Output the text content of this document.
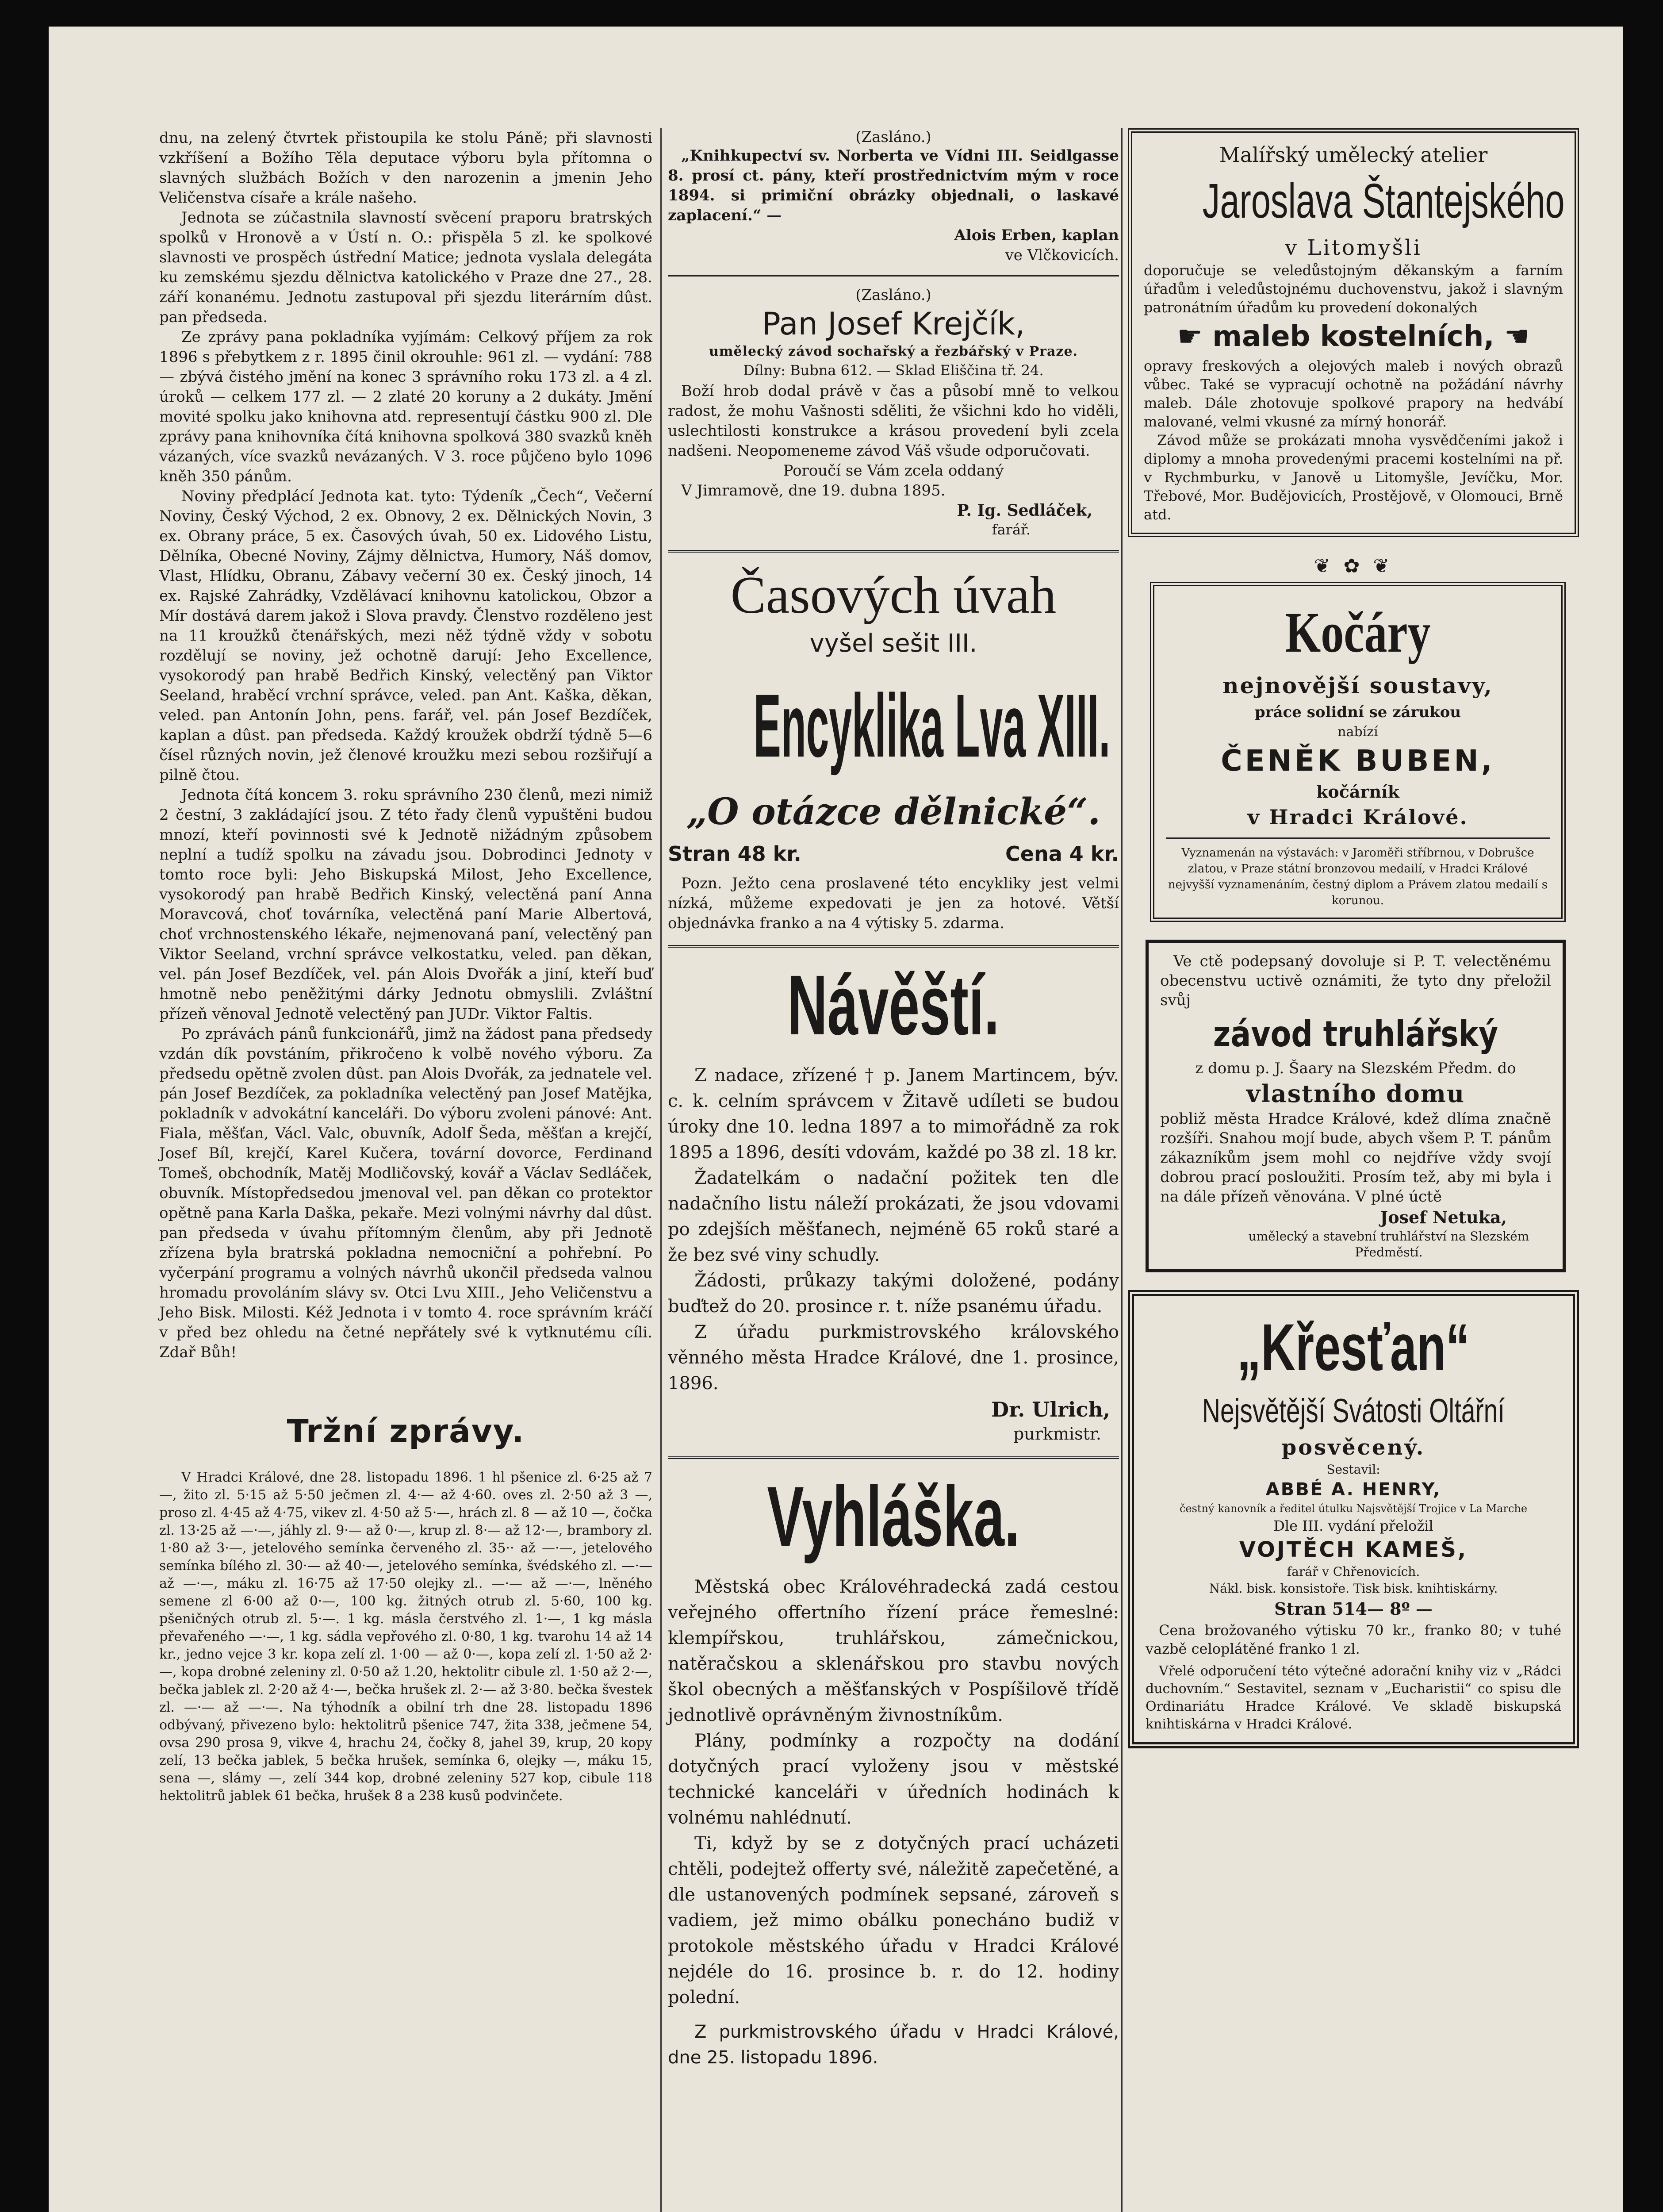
dnu, na zelený čtvrtek přistoupila ke stolu Páně; při slavnosti vzkříšení a Božího Těla deputace výboru byla přítomna o slavných službách Božích v den narozenin a jmenin Jeho Veličenstva císaře a krále našeho.

Jednota se zúčastnila slavností svěcení praporu bratrských spolků v Hronově a v Ústí n. O.: přispěla 5 zl. ke spolkové slavnosti ve prospěch ústřední Matice; jednota vyslala delegáta ku zemskému sjezdu dělnictva katolického v Praze dne 27., 28. září konanému. Jednotu zastupoval při sjezdu literárním dûst. pan předseda.

Ze zprávy pana pokladníka vyjímám: Celkový příjem za rok 1896 s přebytkem z r. 1895 činil okrouhle: 961 zl. — vydání: 788 — zbývá čistého jmění na konec 3 správního roku 173 zl. a 4 zl. úroků — celkem 177 zl. — 2 zlaté 20 koruny a 2 dukáty. Jmění movité spolku jako knihovna atd. representují částku 900 zl. Dle zprávy pana knihovníka čítá knihovna spolková 380 svazků kněh vázaných, více svazků nevázaných. V 3. roce půjčeno bylo 1096 kněh 350 pánům.

Noviny předplácí Jednota kat. tyto: Týdeník „Čech“, Večerní Noviny, Český Východ, 2 ex. Obnovy, 2 ex. Dělnických Novin, 3 ex. Obrany práce, 5 ex. Časových úvah, 50 ex. Lidového Listu, Dělníka, Obecné Noviny, Zájmy dělnictva, Humory, Náš domov, Vlast, Hlídku, Obranu, Zábavy večerní 30 ex. Český jinoch, 14 ex. Rajské Zahrádky, Vzdělávací knihovnu katolickou, Obzor a Mír dostává darem jakož i Slova pravdy. Členstvo rozděleno jest na 11 kroužků čtenářských, mezi něž týdně vždy v sobotu rozdělují se noviny, jež ochotně darují: Jeho Excellence, vysokorodý pan hrabě Bedřich Kinský, velectěný pan Viktor Seeland, hraběcí vrchní správce, veled. pan Ant. Kaška, děkan, veled. pan Antonín John, pens. farář, vel. pán Josef Bezdíček, kaplan a dûst. pan předseda. Každý kroužek obdrží týdně 5—6 čísel různých novin, jež členové kroužku mezi sebou rozšiřují a pilně čtou.

Jednota čítá koncem 3. roku správního 230 členů, mezi nimiž 2 čestní, 3 zakládající jsou. Z této řady členů vypuštěni budou mnozí, kteří povinnosti své k Jednotě nižádným způsobem neplní a tudíž spolku na závadu jsou. Dobrodinci Jednoty v tomto roce byli: Jeho Biskupská Milost, Jeho Excellence, vysokorodý pan hrabě Bedřich Kinský, velectěná paní Anna Moravcová, choť továrníka, velectěná paní Marie Albertová, choť vrchnostenského lékaře, nejmenovaná paní, velectěný pan Viktor Seeland, vrchní správce velkostatku, veled. pan děkan, vel. pán Josef Bezdíček, vel. pán Alois Dvořák a jiní, kteří buď hmotně nebo peněžitými dárky Jednotu obmyslili. Zvláštní přízeň věnoval Jednotě velectěný pan JUDr. Viktor Faltis.

Po zprávách pánů funkcionářů, jimž na žádost pana předsedy vzdán dík povstáním, přikročeno k volbě nového výboru. Za předsedu opětně zvolen dûst. pan Alois Dvořák, za jednatele vel. pán Josef Bezdíček, za pokladníka velectěný pan Josef Matějka, pokladník v advokátní kanceláři. Do výboru zvoleni pánové: Ant. Fiala, měšťan, Václ. Valc, obuvník, Adolf Šeda, měšťan a krejčí, Josef Bíl, krejčí, Karel Kučera, tovární dovorce, Ferdinand Tomeš, obchodník, Matěj Modličovský, kovář a Václav Sedláček, obuvník. Místopředsedou jmenoval vel. pan děkan co protektor opětně pana Karla Daška, pekaře. Mezi volnými návrhy dal dûst. pan předseda v úvahu přítomným členům, aby při Jednotě zřízena byla bratrská pokladna nemocniční a pohřební. Po vyčerpání programu a volných návrhů ukončil předseda valnou hromadu provoláním slávy sv. Otci Lvu XIII., Jeho Veličenstvu a Jeho Bisk. Milosti. Kéž Jednota i v tomto 4. roce správním kráčí v před bez ohledu na četné nepřátely své k vytknutému cíli. Zdař Bůh!

Tržní zprávy.

V Hradci Králové, dne 28. listopadu 1896. 1 hl pšenice zl. 6·25 až 7 —, žito zl. 5·15 až 5·50 ječmen zl. 4·— až 4·60. oves zl. 2·50 až 3 —, proso zl. 4·45 až 4·75, vikev zl. 4·50 až 5·—, hrách zl. 8 — až 10 —, čočka zl. 13·25 až —·—, jáhly zl. 9·— až 0·—, krup zl. 8·— až 12·—, brambory zl. 1·80 až 3·—, jetelového semínka červeného zl. 35·· až —·—, jetelového semínka bílého zl. 30·— až 40·—, jetelového semínka, švédského zl. —·— až —·—, máku zl. 16·75 až 17·50 olejky zl.. —·— až —·—, lněného semene zl 6·00 až 0·—, 100 kg. žitných otrub zl. 5·60, 100 kg. pšeničných otrub zl. 5·—. 1 kg. másla čerstvého zl. 1·—, 1 kg másla převařeného —·—, 1 kg. sádla vepřového zl. 0·80, 1 kg. tvarohu 14 až 14 kr., jedno vejce 3 kr. kopa zelí zl. 1·00 — až 0·—, kopa zelí zl. 1·50 až 2·—, kopa drobné zeleniny zl. 0·50 až 1.20, hektolitr cibule zl. 1·50 až 2·—, bečka jablek zl. 2·20 až 4·—, bečka hrušek zl. 2·— až 3·80. bečka švestek zl. —·— až —·—. Na týhodník a obilní trh dne 28. listopadu 1896 odbývaný, přivezeno bylo: hektolitrů pšenice 747, žita 338, ječmene 54, ovsa 290 prosa 9, vikve 4, hrachu 24, čočky 8, jahel 39, krup, 20 kopy zelí, 13 bečka jablek, 5 bečka hrušek, semínka 6, olejky —, máku 15, sena —, slámy —, zelí 344 kop, drobné zeleniny 527 kop, cibule 118 hektolitrů jablek 61 bečka, hrušek 8 a 238 kusů podvinčete.

(Zasláno.)

„Knihkupectví sv. Norberta ve Vídni III. Seidlgasse 8. prosí ct. pány, kteří prostřednictvím mým v roce 1894. si primiční obrázky objednali, o laskavé zaplacení.“ —

Alois Erben, kaplan
ve Vlčkovicích.
(Zasláno.)
Pan Josef Krejčík,
umělecký závod sochařský a řezbářský v Praze.
Dílny: Bubna 612. — Sklad Eliščina tř. 24.

Boží hrob dodal právě v čas a působí mně to velkou radost, že mohu Vašnosti sděliti, že všichni kdo ho viděli, uslechtilosti konstrukce a krásou provedení byli zcela nadšeni. Neopomeneme závod Váš všude odporučovati.

Poroučí se Vám zcela oddaný
V Jimramově, dne 19. dubna 1895.
P. Ig. Sedláček,
farář.
Časových úvah
vyšel sešit III.
Encyklika Lva XIII.
„O otázce dělnické“.
Stran 48 kr.	Cena 4 kr.

Pozn. Ježto cena proslavené této encykliky jest velmi nízká, můžeme expedovati je jen za hotové. Větší objednávka franko a na 4 výtisky 5. zdarma.

Návěští.

Z nadace, zřízené † p. Janem Martincem, býv. c. k. celním správcem v Žitavě udíleti se budou úroky dne 10. ledna 1897 a to mimořádně za rok 1895 a 1896, desíti vdovám, každé po 38 zl. 18 kr.

Žadatelkám o nadační požitek ten dle nadačního listu náleží prokázati, že jsou vdovami po zdejších měšťanech, nejméně 65 roků staré a že bez své viny schudly.

Žádosti, průkazy takými doložené, podány buďtež do 20. prosince r. t. níže psanému úřadu.

Z úřadu purkmistrovského královského věnného města Hradce Králové, dne 1. prosince, 1896.

Dr. Ulrich,
purkmistr.
Vyhláška.

Městská obec Královéhradecká zadá cestou veřejného offertního řízení práce řemeslné: klempířskou, truhlářskou, zámečnickou, natěračskou a sklenářskou pro stavbu nových škol obecných a měšťanských v Pospíšilově třídě jednotlivě oprávněným živnostníkům.

Plány, podmínky a rozpočty na dodání dotyčných prací vyloženy jsou v městské technické kanceláři v úředních hodinách k volnému nahlédnutí.

Ti, když by se z dotyčných prací ucházeti chtěli, podejtež offerty své, náležitě zapečetěné, a dle ustanovených podmínek sepsané, zároveň s vadiem, jež mimo obálku ponecháno budiž v protokole městského úřadu v Hradci Králové nejdéle do 16. prosince b. r. do 12. hodiny polední.

Z purkmistrovského úřadu v Hradci Králové, dne 25. listopadu 1896.

Malířský umělecký atelier
Jaroslava Štantejského
v Litomyšli

doporučuje se veledůstojným děkanským a farním úřadům i veledůstojnému duchovenstvu, jakož i slavným patronátním úřadům ku provedení dokonalých

☛ maleb kostelních, ☚

opravy freskových a olejových maleb i nových obrazů vůbec. Také se vypracují ochotně na požádání návrhy maleb. Dále zhotovuje spolkové prapory na hedvábí malované, velmi vkusné za mírný honorář.

Závod může se prokázati mnoha vysvědčeními jakož i diplomy a mnoha provedenými pracemi kostelními na př. v Rychmburku, v Janově u Litomyšle, Jevíčku, Mor. Třebové, Mor. Budějovicích, Prostějově, v Olomouci, Brně atd.

❦ ✿ ❦
Kočáry
nejnovější soustavy,
práce solidní se zárukou
nabízí
ČENĚK BUBEN,
kočárník
v Hradci Králové.

Vyznamenán na výstavách: v Jaroměři stříbrnou, v Dobrušce zlatou, v Praze státní bronzovou medailí, v Hradci Králové nejvyšší vyznamenáním, čestný diplom a Právem zlatou medailí s korunou.

Ve ctě podepsaný dovoluje si P. T. velectěnému obecenstvu uctivě oznámiti, že tyto dny přeložil svůj

závod truhlářský
z domu p. J. Šaary na Slezském Předm. do
vlastního domu

pobliž města Hradce Králové, kdež dlíma značně rozšíři. Snahou mojí bude, abych všem P. T. pánům zákazníkům jsem mohl co nejdříve vždy svojí dobrou prací posloužiti. Prosím tež, aby mi byla i na dále přízeň věnována. V plné úctě

Josef Netuka,
umělecký a stavební truhlářství na Slezském Předměstí.
„Křesťan“
Nejsvětější Svátosti Oltářní
posvěcený.
Sestavil:
ABBÉ A. HENRY,
čestný kanovník a ředitel útulku Najsvětější Trojice v La Marche
Dle III. vydání přeložil
VOJTĚCH KAMEŠ,
farář v Chřenovicích.
Nákl. bisk. konsistoře. Tisk bisk. knihtiskárny.
Stran 514— 8º —

Cena brožovaného výtisku 70 kr., franko 80; v tuhé vazbě celoplátěné franko 1 zl.

Vřelé odporučení této výtečné adorační knihy viz v „Rádci duchovním.“ Sestavitel, seznam v „Eucharistii“ co spisu dle Ordinariátu Hradce Králové. Ve skladě biskupská knihtiskárna v Hradci Králové.
